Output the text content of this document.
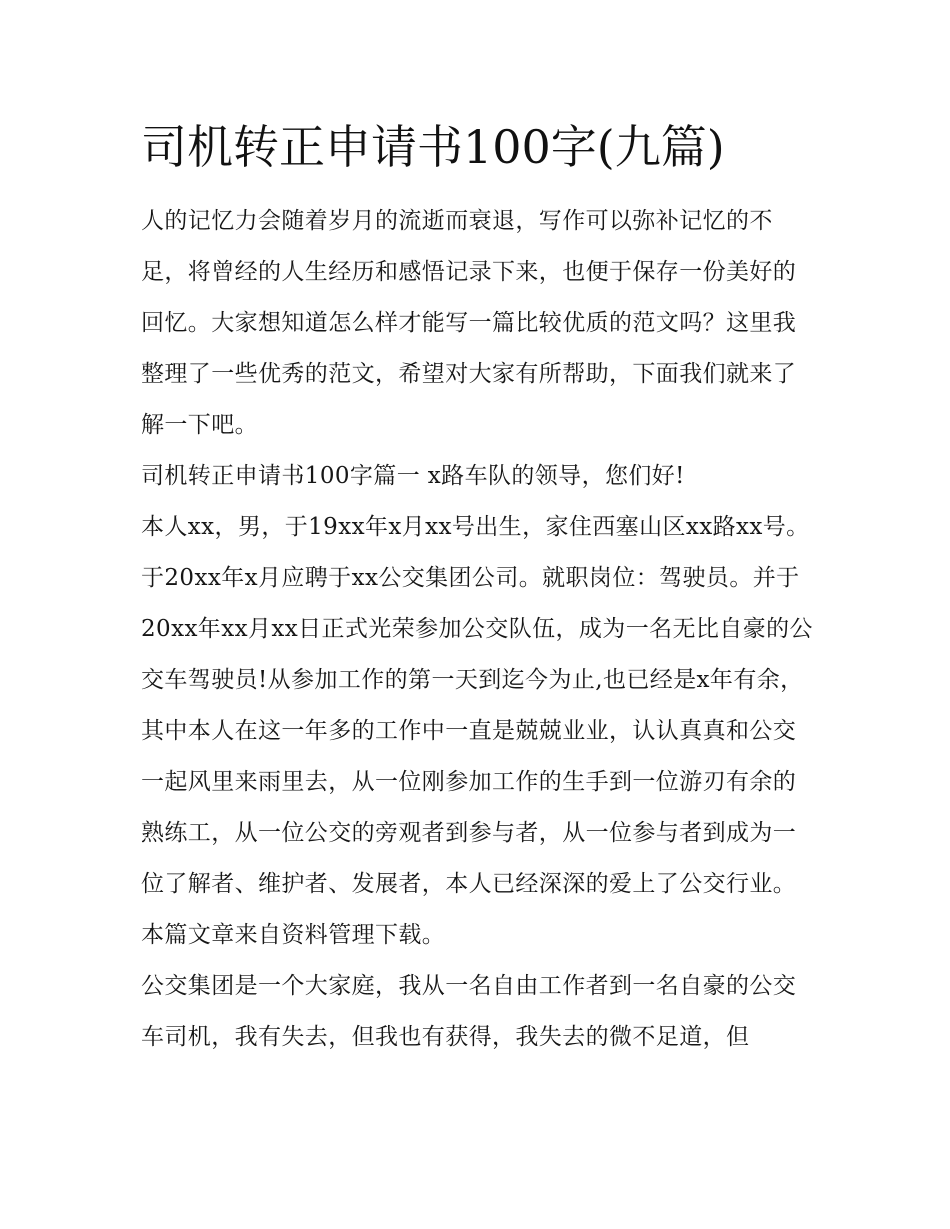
司机转正申请书100字(九篇)

人的记忆力会随着岁月的流逝而衰退，写作可以弥补记忆的不足，将曾经的人生经历和感悟记录下来，也便于保存一份美好的回忆。大家想知道怎么样才能写一篇比较优质的范文吗？这里我整理了一些优秀的范文，希望对大家有所帮助，下面我们就来了解一下吧。

司机转正申请书100字篇一 x路车队的领导，您们好!

本人xx，男，于19xx年x月xx号出生，家住西塞山区xx路xx号。于20xx年x月应聘于xx公交集团公司。就职岗位：驾驶员。并于20xx年xx月xx日正式光荣参加公交队伍，成为一名无比自豪的公交车驾驶员!从参加工作的第一天到迄今为止,也已经是x年有余，其中本人在这一年多的工作中一直是兢兢业业，认认真真和公交一起风里来雨里去，从一位刚参加工作的生手到一位游刃有余的熟练工，从一位公交的旁观者到参与者，从一位参与者到成为一位了解者、维护者、发展者，本人已经深深的爱上了公交行业。本篇文章来自资料管理下载。

公交集团是一个大家庭，我从一名自由工作者到一名自豪的公交车司机，我有失去，但我也有获得，我失去的微不足道，但
